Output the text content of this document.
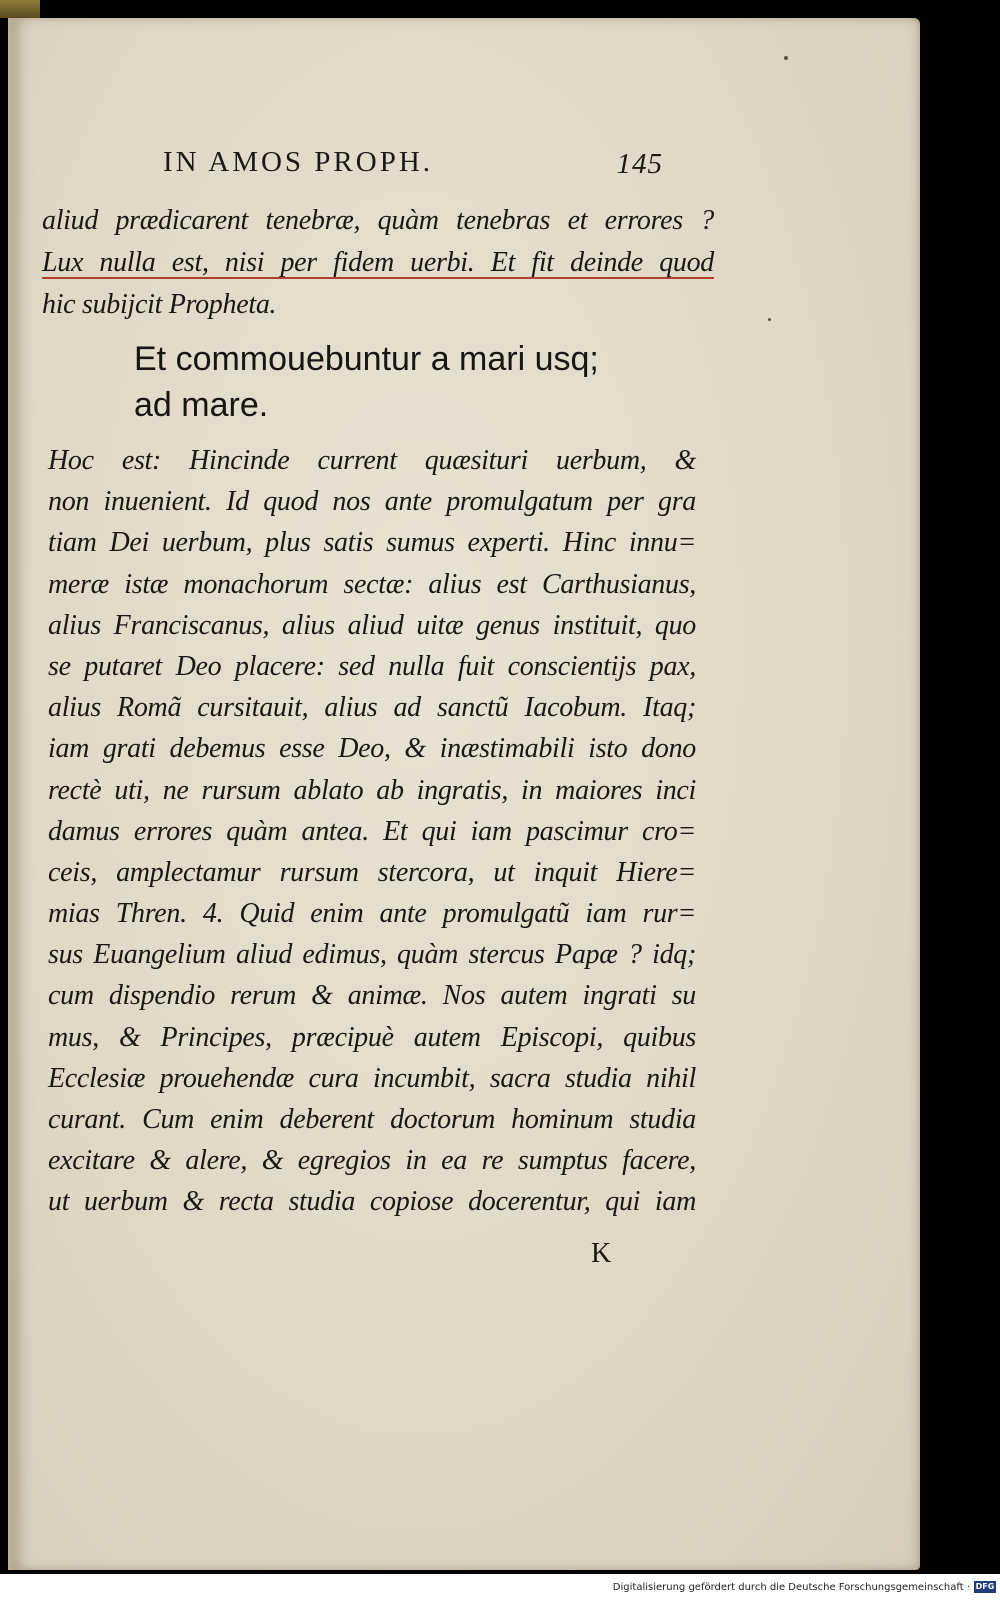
IN AMOS PROPH.	145
aliud prædicarent tenebræ, quàm tenebras et errores ?
Lux nulla est, nisi per fidem uerbi. Et fit deinde quod
hic subijcit Propheta.
Et commouebuntur a mari usq;
ad mare.
Hoc est: Hincinde current quæsituri uerbum, &
non inuenient. Id quod nos ante promulgatum per gra
tiam Dei uerbum, plus satis sumus experti. Hinc innu=
meræ istæ monachorum sectæ: alius est Carthusianus,
alius Franciscanus, alius aliud uitæ genus instituit, quo
se putaret Deo placere: sed nulla fuit conscientijs pax,
alius Romã cursitauit, alius ad sanctũ Iacobum. Itaq;
iam grati debemus esse Deo, & inæstimabili isto dono
rectè uti, ne rursum ablato ab ingratis, in maiores inci
damus errores quàm antea. Et qui iam pascimur cro=
ceis, amplectamur rursum stercora, ut inquit Hiere=
mias Thren. 4. Quid enim ante promulgatũ iam rur=
sus Euangelium aliud edimus, quàm stercus Papæ ? idq;
cum dispendio rerum & animæ. Nos autem ingrati su
mus, & Principes, præcipuè autem Episcopi, quibus
Ecclesiæ prouehendæ cura incumbit, sacra studia nihil
curant. Cum enim deberent doctorum hominum studia
excitare & alere, & egregios in ea re sumptus facere,
ut uerbum & recta studia copiose docerentur, qui iam
K
Digitalisierung gefördert durch die Deutsche Forschungsgemeinschaft · DFG
